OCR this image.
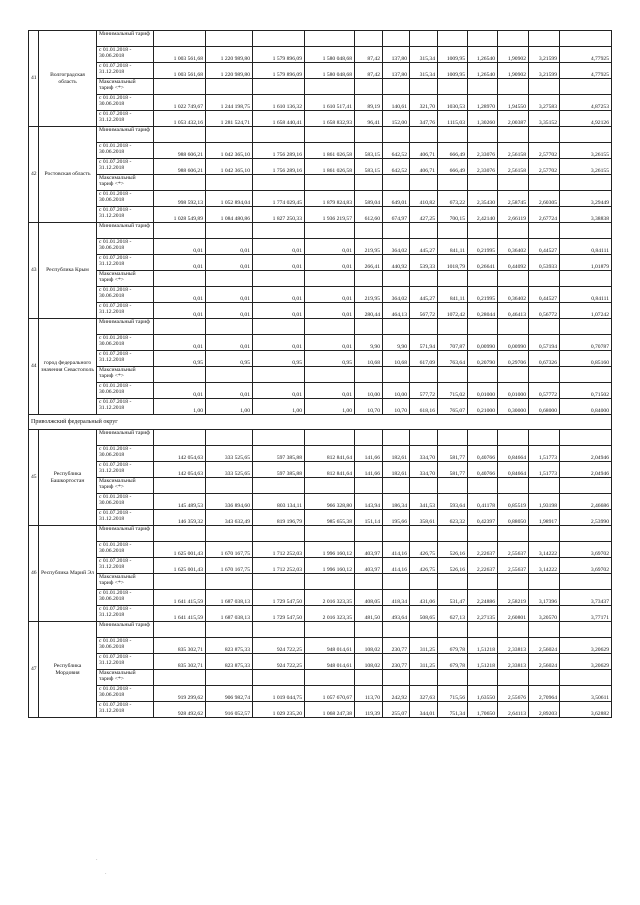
41	Волгоградская область	Минимальный тариф												
		с 01.01.2018 - 30.06.2018	1 003 561,68	1 220 989,80	1 579 896,09	1 580 048,68	87,42	137,80	315,34	1009,95	1,26540	1,90902	3,21599	4,77925
		с 01.07.2018 - 31.12.2018	1 003 561,68	1 220 989,80	1 579 896,09	1 580 048,68	87,42	137,80	315,34	1009,95	1,26540	1,90902	3,21599	4,77925
		Максимальный тариф <*>												
		с 01.01.2018 - 30.06.2018	1 022 749,67	1 244 198,75	1 610 136,32	1 610 517,41	89,19	140,61	321,70	1030,53	1,28970	1,94550	3,27583	4,87253
		с 01.07.2018 - 31.12.2018	1 053 432,16	1 281 524,71	1 658 440,41	1 658 832,93	96,41	152,00	347,76	1115,03	1,30260	2,00387	3,35152	4,92126
42	Ростовская область	Минимальный тариф												
		с 01.01.2018 - 30.06.2018	988 606,21	1 042 365,10	1 756 289,16	1 861 026,58	583,15	642,52	406,71	666,49	2,33076	2,56158	2,57702	3,26155
		с 01.07.2018 - 31.12.2018	988 606,21	1 042 365,10	1 756 289,16	1 861 026,58	583,15	642,52	406,71	666,49	2,33076	2,56158	2,57702	3,26155
		Максимальный тариф <*>												
		с 01.01.2018 - 30.06.2018	998 592,13	1 052 894,04	1 774 029,45	1 879 824,83	589,04	649,01	410,82	673,22	2,35430	2,58745	2,60305	3,29449
		с 01.07.2018 - 31.12.2018	1 028 549,89	1 084 480,86	1 827 250,33	1 936 219,57	612,60	674,97	427,25	700,15	2,42140	2,66119	2,67724	3,38838
43	Республика Крым	Минимальный тариф												
		с 01.01.2018 - 30.06.2018	0,01	0,01	0,01	0,01	219,95	364,02	445,27	841,11	0,21995	0,36402	0,44527	0,84111
		с 01.07.2018 - 31.12.2018	0,01	0,01	0,01	0,01	266,41	440,92	539,33	1018,79	0,26641	0,44092	0,53933	1,01879
		Максимальный тариф <*>												
		с 01.01.2018 - 30.06.2018	0,01	0,01	0,01	0,01	219,95	364,02	445,27	841,11	0,21995	0,36402	0,44527	0,84111
		с 01.07.2018 - 31.12.2018	0,01	0,01	0,01	0,01	280,44	464,13	567,72	1072,42	0,28044	0,46413	0,56772	1,07242
44	город федерального значения Севастополь	Минимальный тариф												
		с 01.01.2018 - 30.06.2018	0,01	0,01	0,01	0,01	9,90	9,90	571,94	707,87	0,00990	0,00990	0,57194	0,70787
		с 01.07.2018 - 31.12.2018	0,95	0,95	0,95	0,95	10,68	10,68	617,09	763,64	0,20790	0,29706	0,67326	0,85160
		Максимальный тариф <*>												
		с 01.01.2018 - 30.06.2018	0,01	0,01	0,01	0,01	10,00	10,00	577,72	715,02	0,01000	0,01000	0,57772	0,71502
		с 01.07.2018 - 31.12.2018	1,00	1,00	1,00	1,00	10,70	10,70	618,16	765,07	0,21000	0,30000	0,68000	0,84000
Приволжский федеральный округ														
45	Республика Башкортостан	Минимальный тариф												
		с 01.01.2018 - 30.06.2018	142 054,63	333 525,65	597 385,88	812 841,64	141,66	182,61	334,70	581,77	0,40766	0,84664	1,51773	2,04946
		с 01.07.2018 - 31.12.2018	142 054,63	333 525,65	597 385,88	812 841,64	141,66	182,61	334,70	581,77	0,40766	0,84664	1,51773	2,04946
		Максимальный тариф <*>												
		с 01.01.2018 - 30.06.2018	145 489,53	336 894,60	803 134,11	966 328,80	143,94	186,34	341,53	593,64	0,41178	0,85519	1,93198	2,46686
		с 01.07.2018 - 31.12.2018	146 359,32	343 632,49	819 196,79	985 655,38	151,14	195,66	358,61	623,32	0,42397	0,88050	1,98917	2,53990
46	Республика Марий Эл	Минимальный тариф												
		с 01.01.2018 - 30.06.2018	1 625 001,43	1 670 167,75	1 712 252,03	1 996 160,12	403,97	414,16	426,75	526,16	2,22637	2,55637	3,14222	3,69702
		с 01.07.2018 - 31.12.2018	1 625 001,43	1 670 167,75	1 712 252,03	1 996 160,12	403,97	414,16	426,75	526,16	2,22637	2,55637	3,14222	3,69702
		Максимальный тариф <*>												
		с 01.01.2018 - 30.06.2018	1 641 415,59	1 687 038,13	1 729 547,50	2 016 323,35	408,05	418,34	431,06	531,47	2,24886	2,58219	3,17396	3,73437
		с 01.07.2018 - 31.12.2018	1 641 415,59	1 687 038,13	1 729 547,50	2 016 323,35	481,50	493,64	508,65	627,13	2,27135	2,60801	3,20570	3,77171
47	Республика Мордовия	Минимальный тариф												
		с 01.01.2018 - 30.06.2018	835 302,71	823 875,33	924 722,25	948 014,61	108,02	230,77	311,25	679,78	1,51218	2,33813	2,56024	3,20629
		с 01.07.2018 - 31.12.2018	835 302,71	823 875,33	924 722,25	948 014,61	108,02	230,77	311,25	679,78	1,51218	2,33813	2,56024	3,20629
		Максимальный тариф <*>												
		с 01.01.2018 - 30.06.2018	919 299,62	906 982,74	1 019 044,75	1 057 670,67	113,70	242,92	327,63	715,56	1,63550	2,55676	2,70964	3,50611
		с 01.07.2018 - 31.12.2018	928 492,62	916 052,57	1 029 235,20	1 068 247,38	119,39	255,07	344,01	751,34	1,70650	2,64113	2,89203	3,62882
·
·
